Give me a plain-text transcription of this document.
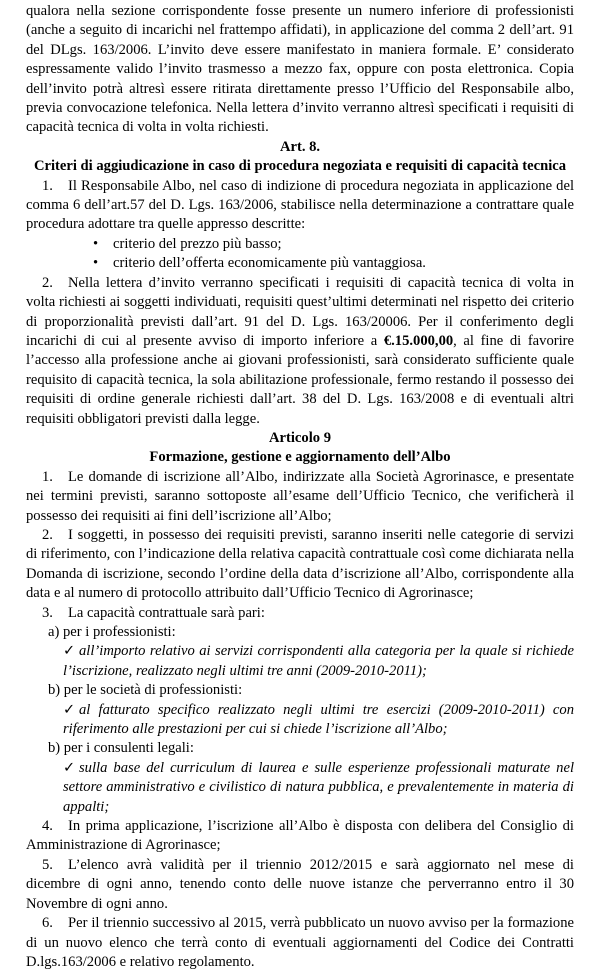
qualora nella sezione corrispondente fosse presente un numero inferiore di professionisti (anche a seguito di incarichi nel frattempo affidati), in applicazione del comma 2 dell’art. 91 del DLgs. 163/2006. L’invito deve essere manifestato in maniera formale. E’ considerato espressamente valido l’invito trasmesso a mezzo fax, oppure con posta elettronica. Copia dell’invito potrà altresì essere ritirata direttamente presso l’Ufficio del Responsabile albo, previa convocazione telefonica. Nella lettera d’invito verranno altresì specificati i requisiti di capacità tecnica di volta in volta richiesti.

Art. 8.

Criteri di aggiudicazione in caso di procedura negoziata e requisiti di capacità tecnica

1. Il Responsabile Albo, nel caso di indizione di procedura negoziata in applicazione del comma 6 dell’art.57 del D. Lgs. 163/2006, stabilisce nella determinazione a contrattare quale procedura adottare tra quelle appresso descritte:

• criterio del prezzo più basso;
• criterio dell’offerta economicamente più vantaggiosa.

2. Nella lettera d’invito verranno specificati i requisiti di capacità tecnica di volta in volta richiesti ai soggetti individuati, requisiti quest’ultimi determinati nel rispetto dei criterio di proporzionalità previsti dall’art. 91 del D. Lgs. 163/20006. Per il conferimento degli incarichi di cui al presente avviso di importo inferiore a €.15.000,00, al fine di favorire l’accesso alla professione anche ai giovani professionisti, sarà considerato sufficiente quale requisito di capacità tecnica, la sola abilitazione professionale, fermo restando il possesso dei requisiti di ordine generale richiesti dall’art. 38 del D. Lgs. 163/2008 e di eventuali altri requisiti obbligatori previsti dalla legge.

Articolo 9

Formazione, gestione e aggiornamento dell’Albo

1. Le domande di iscrizione all’Albo, indirizzate alla Società Agrorinasce, e presentate nei termini previsti, saranno sottoposte all’esame dell’Ufficio Tecnico, che verificherà il possesso dei requisiti ai fini dell’iscrizione all’Albo;

2. I soggetti, in possesso dei requisiti previsti, saranno inseriti nelle categorie di servizi di riferimento, con l’indicazione della relativa capacità contrattuale così come dichiarata nella Domanda di iscrizione, secondo l’ordine della data d’iscrizione all’Albo, corrispondente alla data e al numero di protocollo attribuito dall’Ufficio Tecnico di Agrorinasce;

3. La capacità contrattuale sarà pari:

a) per i professionisti:

✓ all’importo relativo ai servizi corrispondenti alla categoria per la quale si richiede l’iscrizione, realizzato negli ultimi tre anni (2009-2010-2011);

b) per le società di professionisti:

✓ al fatturato specifico realizzato negli ultimi tre esercizi (2009-2010-2011) con riferimento alle prestazioni per cui si chiede l’iscrizione all’Albo;

b) per i consulenti legali:

✓ sulla base del curriculum di laurea e sulle esperienze professionali maturate nel settore amministrativo e civilistico di natura pubblica, e prevalentemente in materia di appalti;

4. In prima applicazione, l’iscrizione all’Albo è disposta con delibera del Consiglio di Amministrazione di Agrorinasce;

5. L’elenco avrà validità per il triennio 2012/2015 e sarà aggiornato nel mese di dicembre di ogni anno, tenendo conto delle nuove istanze che perverranno entro il 30 Novembre di ogni anno.

6. Per il triennio successivo al 2015, verrà pubblicato un nuovo avviso per la formazione di un nuovo elenco che terrà conto di eventuali aggiornamenti del Codice dei Contratti D.lgs.163/2006 e relativo regolamento.
